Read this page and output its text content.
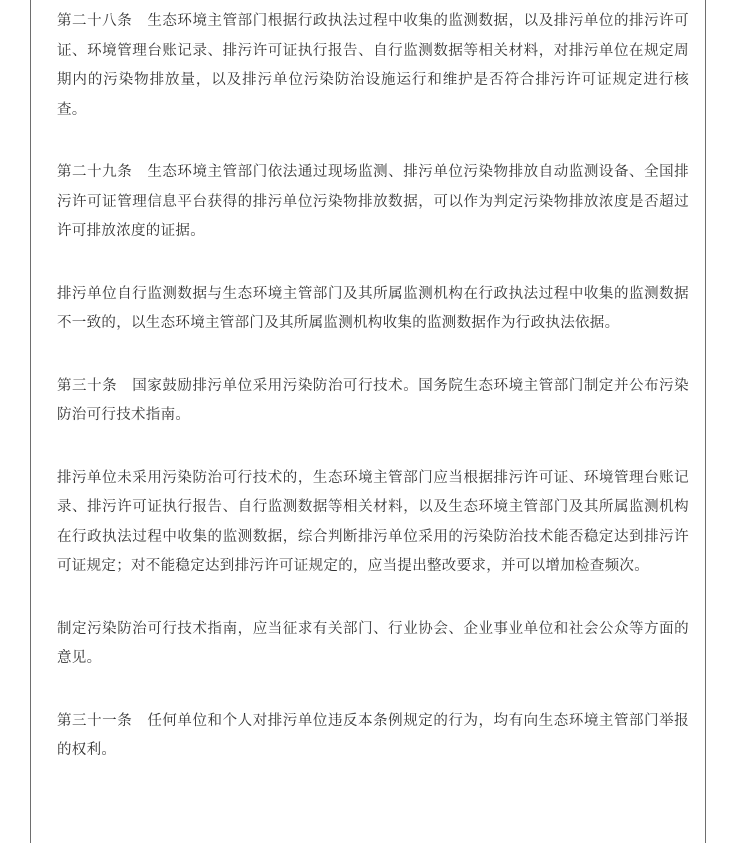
第二十八条　生态环境主管部门根据行政执法过程中收集的监测数据，以及排污单位的排污许可证、环境管理台账记录、排污许可证执行报告、自行监测数据等相关材料，对排污单位在规定周期内的污染物排放量，以及排污单位污染防治设施运行和维护是否符合排污许可证规定进行核查。

第二十九条　生态环境主管部门依法通过现场监测、排污单位污染物排放自动监测设备、全国排污许可证管理信息平台获得的排污单位污染物排放数据，可以作为判定污染物排放浓度是否超过许可排放浓度的证据。

排污单位自行监测数据与生态环境主管部门及其所属监测机构在行政执法过程中收集的监测数据不一致的，以生态环境主管部门及其所属监测机构收集的监测数据作为行政执法依据。

第三十条　国家鼓励排污单位采用污染防治可行技术。国务院生态环境主管部门制定并公布污染防治可行技术指南。

排污单位未采用污染防治可行技术的，生态环境主管部门应当根据排污许可证、环境管理台账记录、排污许可证执行报告、自行监测数据等相关材料，以及生态环境主管部门及其所属监测机构在行政执法过程中收集的监测数据，综合判断排污单位采用的污染防治技术能否稳定达到排污许可证规定；对不能稳定达到排污许可证规定的，应当提出整改要求，并可以增加检查频次。

制定污染防治可行技术指南，应当征求有关部门、行业协会、企业事业单位和社会公众等方面的意见。

第三十一条　任何单位和个人对排污单位违反本条例规定的行为，均有向生态环境主管部门举报的权利。
